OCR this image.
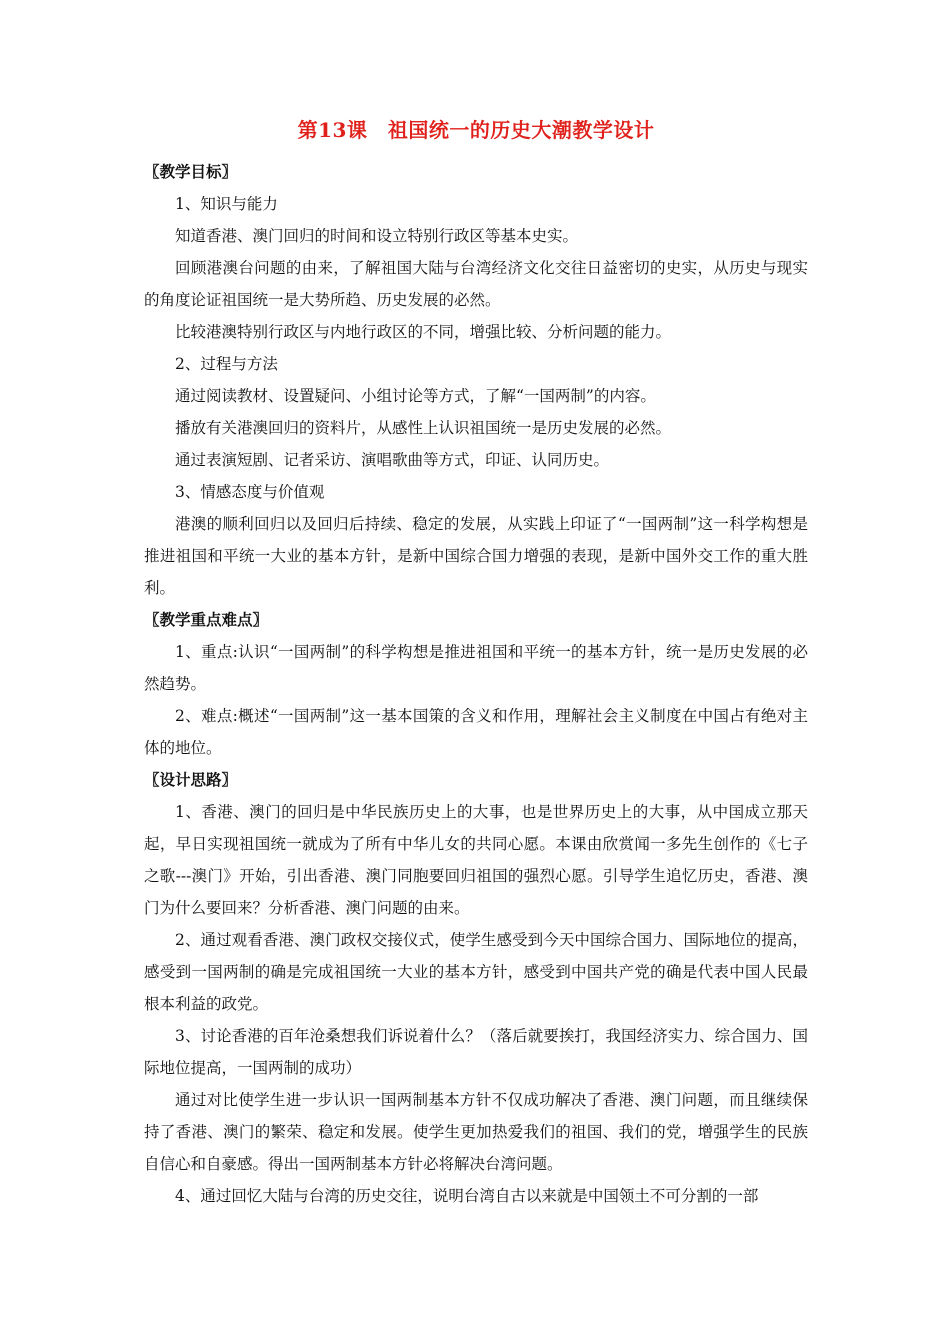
第13课　祖国统一的历史大潮教学设计

〖教学目标〗

1、知识与能力

知道香港、澳门回归的时间和设立特别行政区等基本史实。

回顾港澳台问题的由来，了解祖国大陆与台湾经济文化交往日益密切的史实，从历史与现实的角度论证祖国统一是大势所趋、历史发展的必然。

比较港澳特别行政区与内地行政区的不同，增强比较、分析问题的能力。

2、过程与方法

通过阅读教材、设置疑问、小组讨论等方式，了解“一国两制”的内容。

播放有关港澳回归的资料片，从感性上认识祖国统一是历史发展的必然。

通过表演短剧、记者采访、演唱歌曲等方式，印证、认同历史。

3、情感态度与价值观

港澳的顺利回归以及回归后持续、稳定的发展，从实践上印证了“一国两制”这一科学构想是推进祖国和平统一大业的基本方针，是新中国综合国力增强的表现，是新中国外交工作的重大胜利。

〖教学重点难点〗

1、重点:认识“一国两制”的科学构想是推进祖国和平统一的基本方针，统一是历史发展的必然趋势。

2、难点:概述“一国两制”这一基本国策的含义和作用，理解社会主义制度在中国占有绝对主体的地位。

〖设计思路〗

1、香港、澳门的回归是中华民族历史上的大事，也是世界历史上的大事，从中国成立那天起，早日实现祖国统一就成为了所有中华儿女的共同心愿。本课由欣赏闻一多先生创作的《七子之歌---澳门》开始，引出香港、澳门同胞要回归祖国的强烈心愿。引导学生追忆历史，香港、澳门为什么要回来？分析香港、澳门问题的由来。

2、通过观看香港、澳门政权交接仪式，使学生感受到今天中国综合国力、国际地位的提高，感受到一国两制的确是完成祖国统一大业的基本方针，感受到中国共产党的确是代表中国人民最根本利益的政党。

3、讨论香港的百年沧桑想我们诉说着什么？（落后就要挨打，我国经济实力、综合国力、国际地位提高，一国两制的成功）

通过对比使学生进一步认识一国两制基本方针不仅成功解决了香港、澳门问题，而且继续保持了香港、澳门的繁荣、稳定和发展。使学生更加热爱我们的祖国、我们的党，增强学生的民族自信心和自豪感。得出一国两制基本方针必将解决台湾问题。

4、通过回忆大陆与台湾的历史交往，说明台湾自古以来就是中国领土不可分割的一部
